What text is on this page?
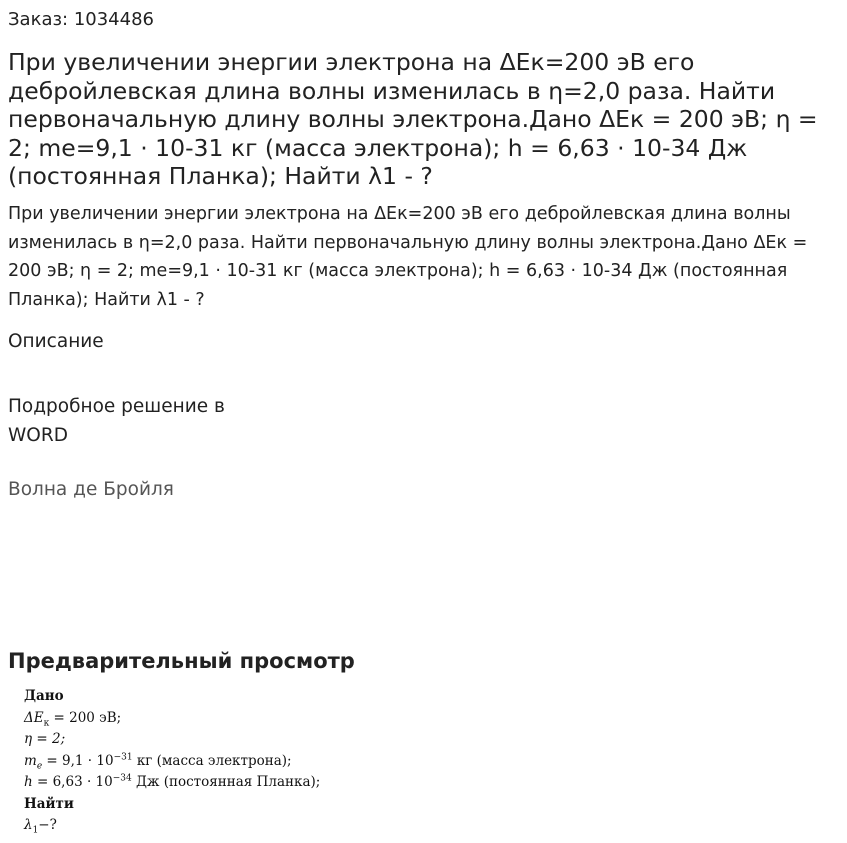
Заказ: 1034486
При увеличении энергии электрона на ΔEк=200 эВ его дебройлевская длина волны изменилась в η=2,0 раза. Найти первоначальную длину волны электрона.Дано ΔEк = 200 эВ; η = 2; me=9,1 · 10-31 кг (масса электрона); h = 6,63 · 10-34 Дж (постоянная Планка); Найти λ1 - ?

При увеличении энергии электрона на ΔEк=200 эВ его дебройлевская длина волны изменилась в η=2,0 раза. Найти первоначальную длину волны электрона.Дано ΔEк = 200 эВ; η = 2; me=9,1 · 10-31 кг (масса электрона); h = 6,63 · 10-34 Дж (постоянная Планка); Найти λ1 - ?

Описание
Подробное решение в WORD
Волна де Бройля
Предварительный просмотр
Дано
$\Delta E_к = 200$ эВ;
η = 2;
$m_e = 9,1 \cdot 10^{-31}$ кг (масса электрона);
$h = 6,63 \cdot 10^{-34}$ Дж (постоянная Планка);
Найти
$\lambda_1-$?
